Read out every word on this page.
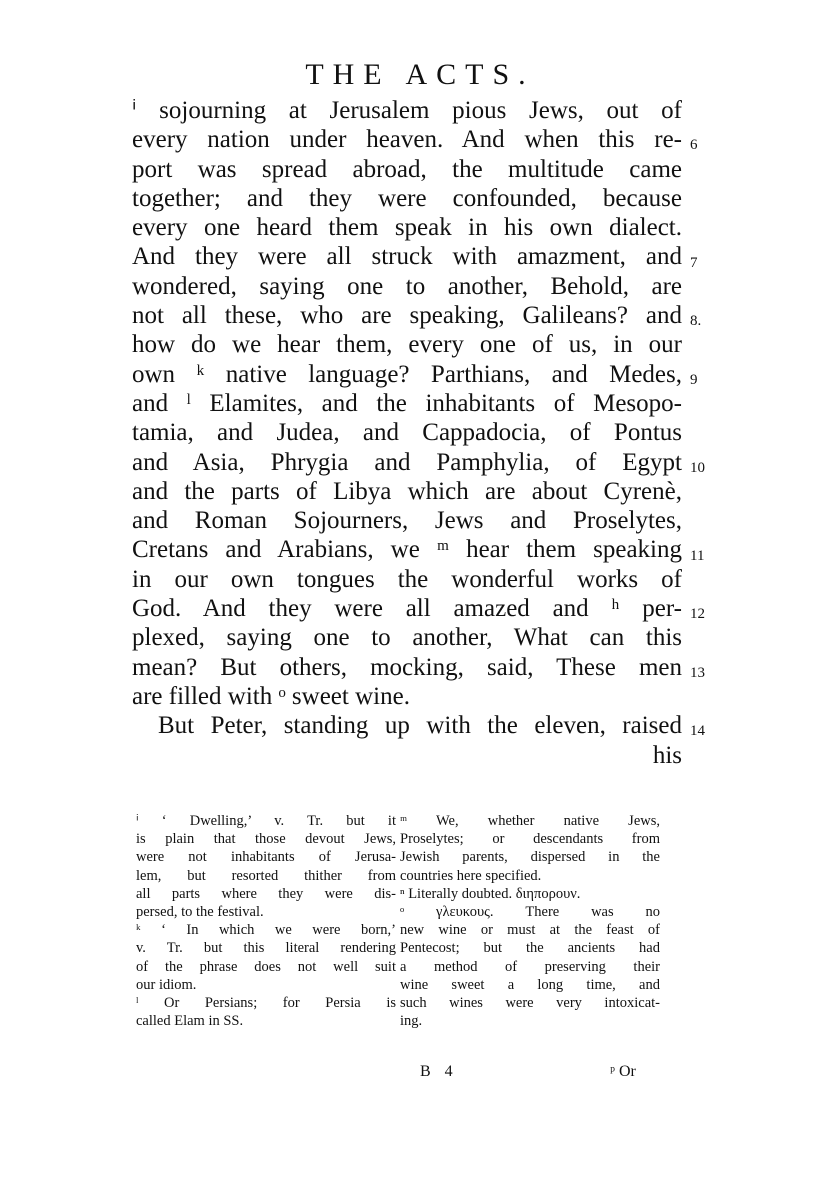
THE ACTS.
ⁱ sojourning at Jerusalem pious Jews, out of
every nation under heaven. And when this re-
port was spread abroad, the multitude came
together; and they were confounded, because
every one heard them speak in his own dialect.
And they were all struck with amazment, and
wondered, saying one to another, Behold, are
not all these, who are speaking, Galileans? and
how do we hear them, every one of us, in our
own ᵏ native language? Parthians, and Medes,
and ˡ Elamites, and the inhabitants of Mesopo-
tamia, and Judea, and Cappadocia, of Pontus
and Asia, Phrygia and Pamphylia, of Egypt
and the parts of Libya which are about Cyrenè,
and Roman Sojourners, Jews and Proselytes,
Cretans and Arabians, we ᵐ hear them speaking
in our own tongues the wonderful works of
God. And they were all amazed and ʰ per-
plexed, saying one to another, What can this
mean? But others, mocking, said, These men
are filled with ᵒ sweet wine.
But Peter, standing up with the eleven, raised
his
6
7
8.
9
10
11
12
13
14
ⁱ ‘ Dwelling,’ v. Tr. but it
is plain that those devout Jews,
were not inhabitants of Jerusa-
lem, but resorted thither from
all parts where they were dis-
persed, to the festival.
ᵏ ‘ In which we were born,’
v. Tr. but this literal rendering
of the phrase does not well suit
our idiom.
ˡ Or Persians; for Persia is
called Elam in SS.
ᵐ We, whether native Jews,
Proselytes; or descendants from
Jewish parents, dispersed in the
countries here specified.
ⁿ Literally doubted. διηπορουν.
ᵒ γλευκους. There was no
new wine or must at the feast of
Pentecost; but the ancients had
a method of preserving their
wine sweet a long time, and
such wines were very intoxicat-
ing.
B 4	ᵖ Or
